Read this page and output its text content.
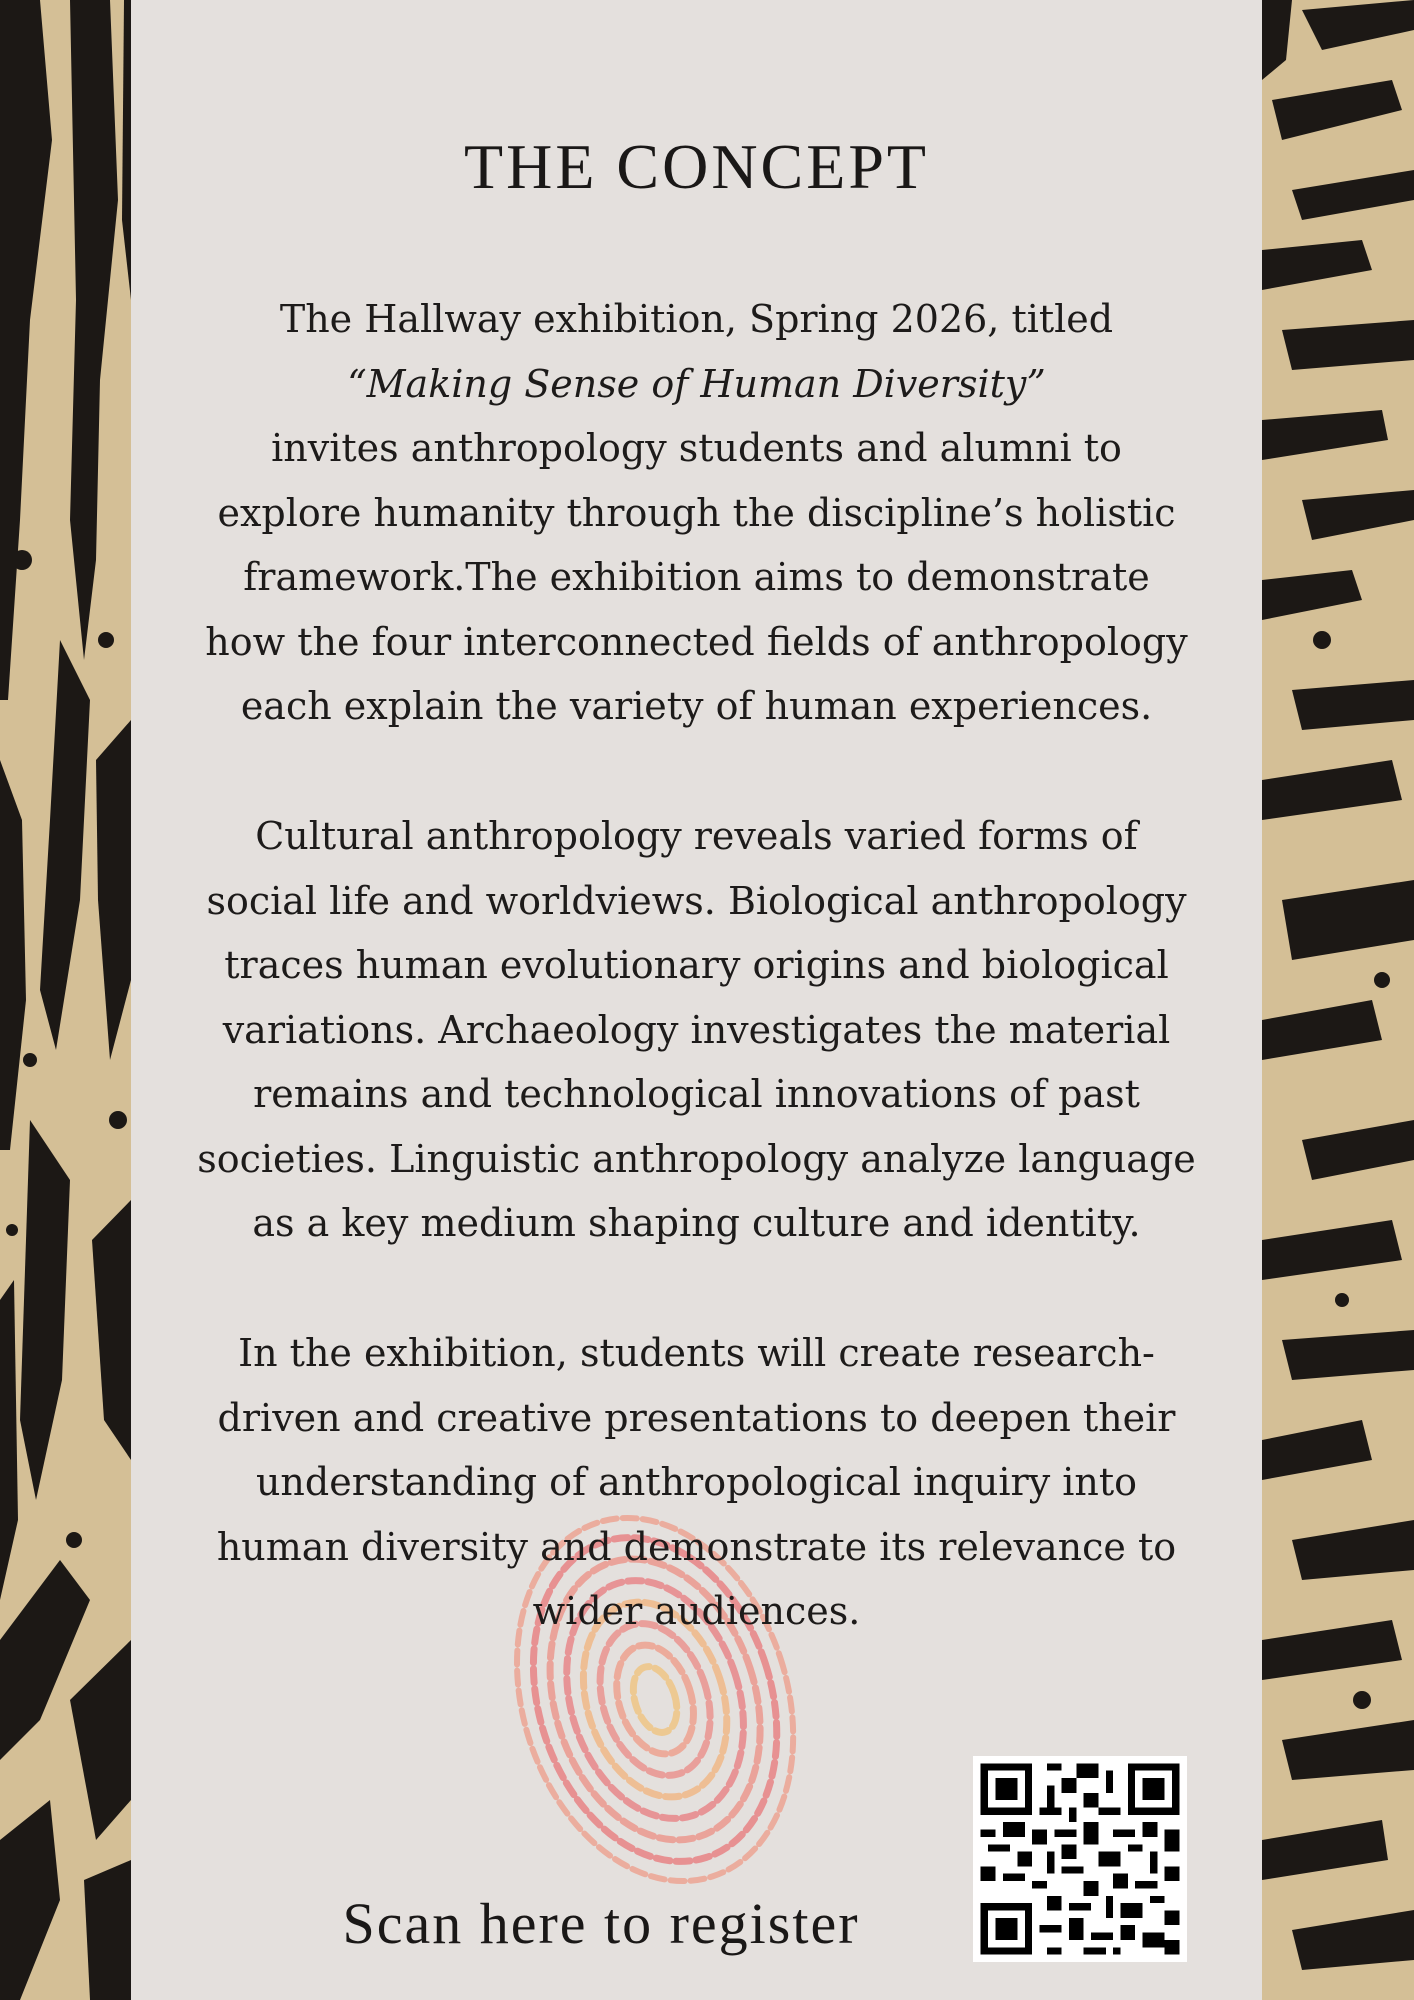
THE CONCEPT
The Hallway exhibition, Spring 2026, titled
“Making Sense of Human Diversity”
invites anthropology students and alumni to
explore humanity through the discipline’s holistic
framework.The exhibition aims to demonstrate
how the four interconnected fields of anthropology
each explain the variety of human experiences.
Cultural anthropology reveals varied forms of
social life and worldviews. Biological anthropology
traces human evolutionary origins and biological
variations. Archaeology investigates the material
remains and technological innovations of past
societies. Linguistic anthropology analyze language
as a key medium shaping culture and identity.
In the exhibition, students will create research-
driven and creative presentations to deepen their
understanding of anthropological inquiry into
human diversity and demonstrate its relevance to
wider audiences.
Scan here to register
